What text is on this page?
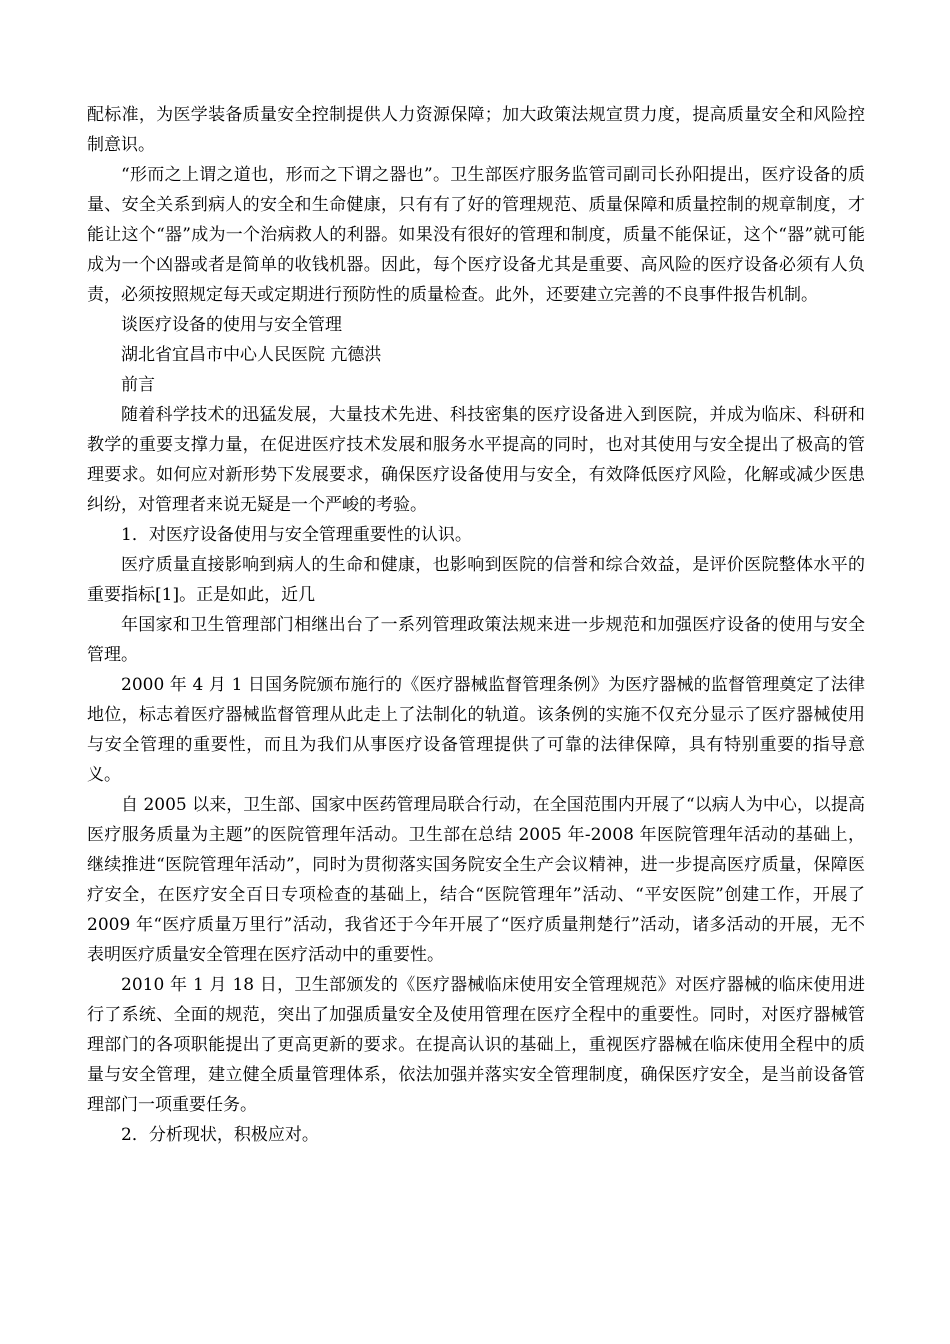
配标准，为医学装备质量安全控制提供人力资源保障；加大政策法规宣贯力度，提高质量安全和风险控制意识。

“形而之上谓之道也，形而之下谓之器也”。卫生部医疗服务监管司副司长孙阳提出，医疗设备的质量、安全关系到病人的安全和生命健康，只有有了好的管理规范、质量保障和质量控制的规章制度，才能让这个“器”成为一个治病救人的利器。如果没有很好的管理和制度，质量不能保证，这个“器”就可能成为一个凶器或者是简单的收钱机器。因此，每个医疗设备尤其是重要、高风险的医疗设备必须有人负责，必须按照规定每天或定期进行预防性的质量检查。此外，还要建立完善的不良事件报告机制。

谈医疗设备的使用与安全管理

湖北省宜昌市中心人民医院 亢德洪

前言

随着科学技术的迅猛发展，大量技术先进、科技密集的医疗设备进入到医院，并成为临床、科研和教学的重要支撑力量，在促进医疗技术发展和服务水平提高的同时，也对其使用与安全提出了极高的管理要求。如何应对新形势下发展要求，确保医疗设备使用与安全，有效降低医疗风险，化解或减少医患纠纷，对管理者来说无疑是一个严峻的考验。

1．对医疗设备使用与安全管理重要性的认识。

医疗质量直接影响到病人的生命和健康，也影响到医院的信誉和综合效益，是评价医院整体水平的重要指标[1]。正是如此，近几

年国家和卫生管理部门相继出台了一系列管理政策法规来进一步规范和加强医疗设备的使用与安全管理。

2000 年 4 月 1 日国务院颁布施行的《医疗器械监督管理条例》为医疗器械的监督管理奠定了法律地位，标志着医疗器械监督管理从此走上了法制化的轨道。该条例的实施不仅充分显示了医疗器械使用与安全管理的重要性，而且为我们从事医疗设备管理提供了可靠的法律保障，具有特别重要的指导意义。

自 2005 以来，卫生部、国家中医药管理局联合行动，在全国范围内开展了“以病人为中心，以提高医疗服务质量为主题”的医院管理年活动。卫生部在总结 2005 年-2008 年医院管理年活动的基础上，继续推进“医院管理年活动”，同时为贯彻落实国务院安全生产会议精神，进一步提高医疗质量，保障医疗安全，在医疗安全百日专项检查的基础上，结合“医院管理年”活动、“平安医院”创建工作，开展了 2009 年“医疗质量万里行”活动，我省还于今年开展了“医疗质量荆楚行”活动，诸多活动的开展，无不表明医疗质量安全管理在医疗活动中的重要性。

2010 年 1 月 18 日，卫生部颁发的《医疗器械临床使用安全管理规范》对医疗器械的临床使用进行了系统、全面的规范，突出了加强质量安全及使用管理在医疗全程中的重要性。同时，对医疗器械管理部门的各项职能提出了更高更新的要求。在提高认识的基础上，重视医疗器械在临床使用全程中的质量与安全管理，建立健全质量管理体系，依法加强并落实安全管理制度，确保医疗安全，是当前设备管理部门一项重要任务。

2．分析现状，积极应对。
